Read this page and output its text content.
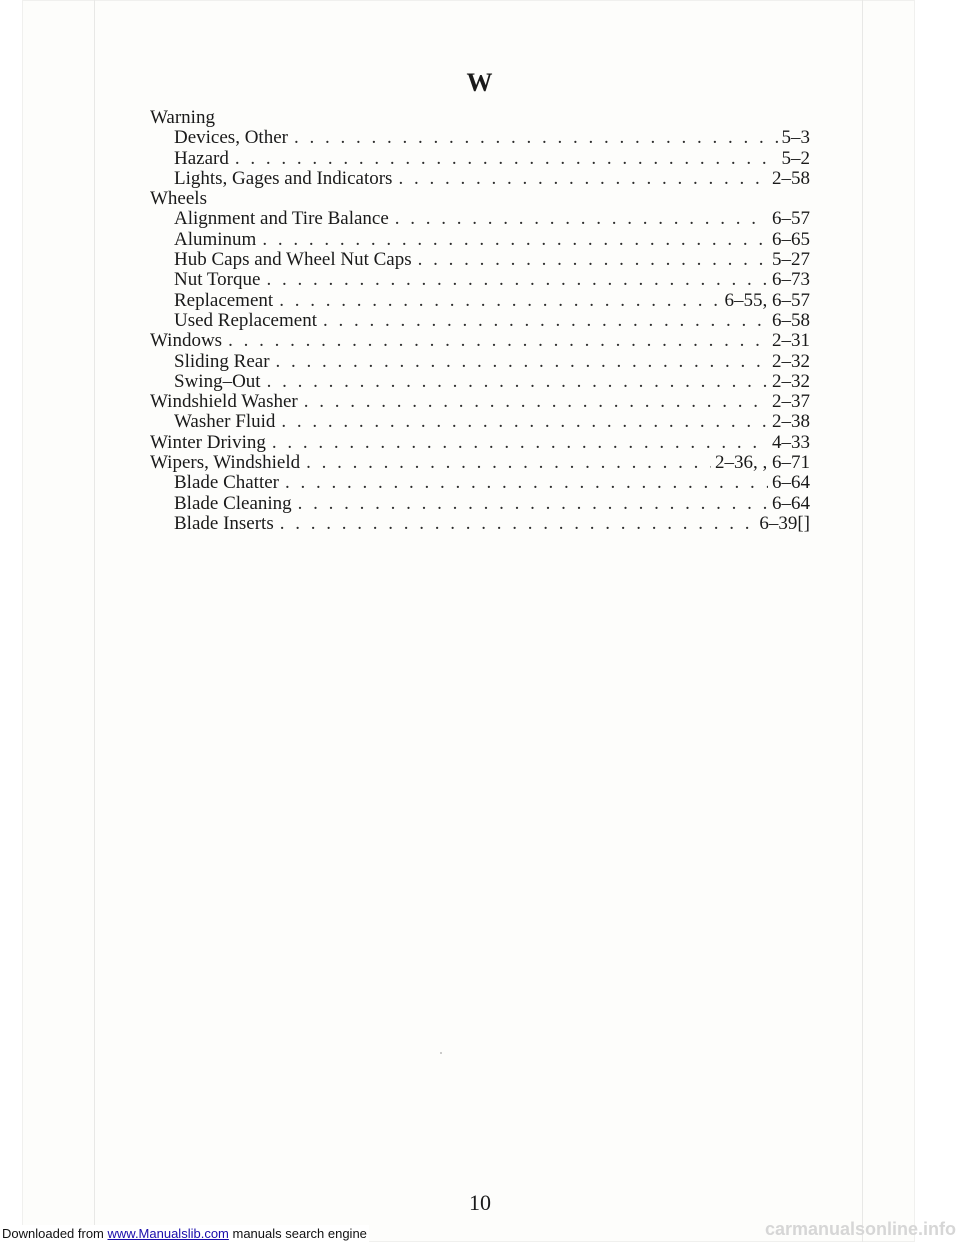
W
Warning
Devices, Other . . .	5–3
Hazard . . .	5–2
Lights, Gages and Indicators . . .	2–58
Wheels
Alignment and Tire Balance . . .	6–57
Aluminum . . .	6–65
Hub Caps and Wheel Nut Caps . . .	5–27
Nut Torque . . .	6–73
Replacement . . .	6–55, 6–57
Used Replacement . . .	6–58
Windows . . .	2–31
Sliding Rear . . .	2–32
Swing–Out . . .	2–32
Windshield Washer . . .	2–37
Washer Fluid . . .	2–38
Winter Driving . . .	4–33
Wipers, Windshield . . .	2–36, , 6–71
Blade Chatter . . .	6–64
Blade Cleaning . . .	6–64
Blade Inserts . . .	6–39[]
10
Downloaded from www.Manualslib.com manuals search engine	carmanualsonline.info
